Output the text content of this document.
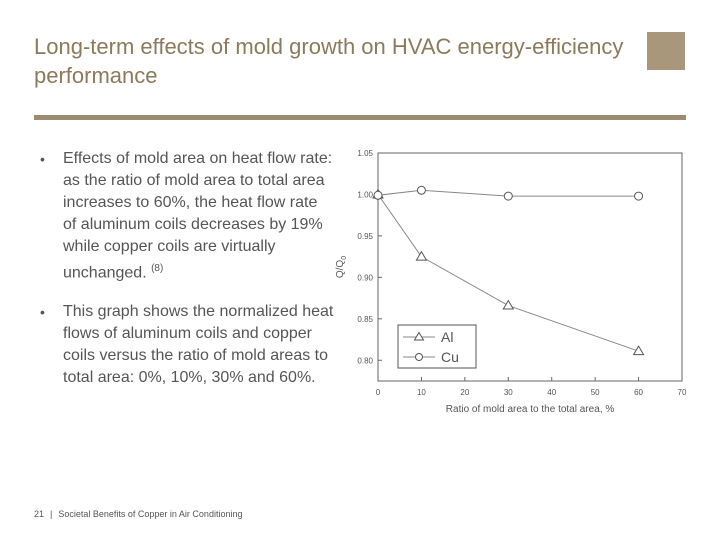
Long-term effects of mold growth on HVAC energy-efficiency performance
• Effects of mold area on heat flow rate: as the ratio of mold area to total area increases to 60%, the heat flow rate of aluminum coils decreases by 19% while copper coils are virtually unchanged. $^{(8)}$
• This graph shows the normalized heat flows of aluminum coils and copper coils versus the ratio of mold areas to total area: 0%, 10%, 30% and 60%.
0	10	20	30	40	50	60	70
0.80
0.85
0.90
0.95
1.00
1.05
Ratio of mold area to the total area, %
$Q/Q_0$
Al
Cu
21 | Societal Benefits of Copper in Air Conditioning
